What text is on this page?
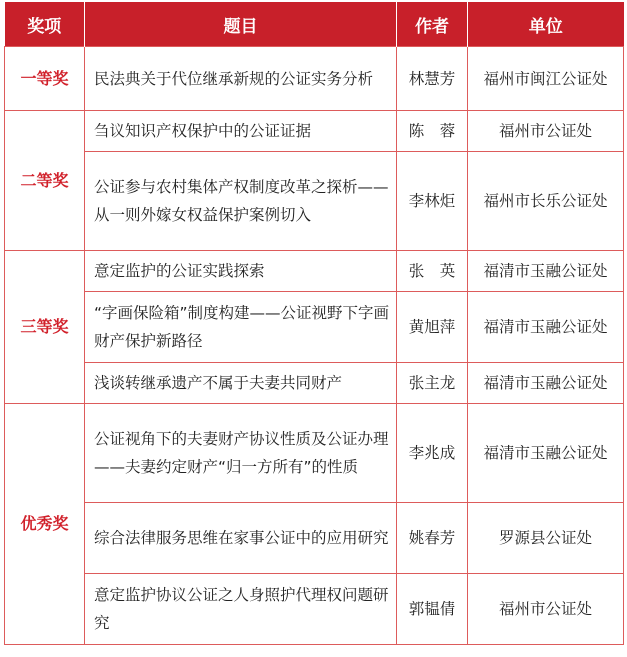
奖项	题目	作者	单位
一等奖	民法典关于代位继承新规的公证实务分析	林慧芳	福州市闽江公证处
二等奖	刍议知识产权保护中的公证证据	陈　蓉	福州市公证处
	公证参与农村集体产权制度改革之探析——从一则外嫁女权益保护案例切入	李林炬	福州市长乐公证处
三等奖	意定监护的公证实践探索	张　英	福清市玉融公证处
	“字画保险箱”制度构建——公证视野下字画财产保护新路径	黄旭萍	福清市玉融公证处
	浅谈转继承遗产不属于夫妻共同财产	张主龙	福清市玉融公证处
优秀奖	公证视角下的夫妻财产协议性质及公证办理——夫妻约定财产“归一方所有”的性质	李兆成	福清市玉融公证处
	综合法律服务思维在家事公证中的应用研究	姚春芳	罗源县公证处
	意定监护协议公证之人身照护代理权问题研究	郭韫倩	福州市公证处
